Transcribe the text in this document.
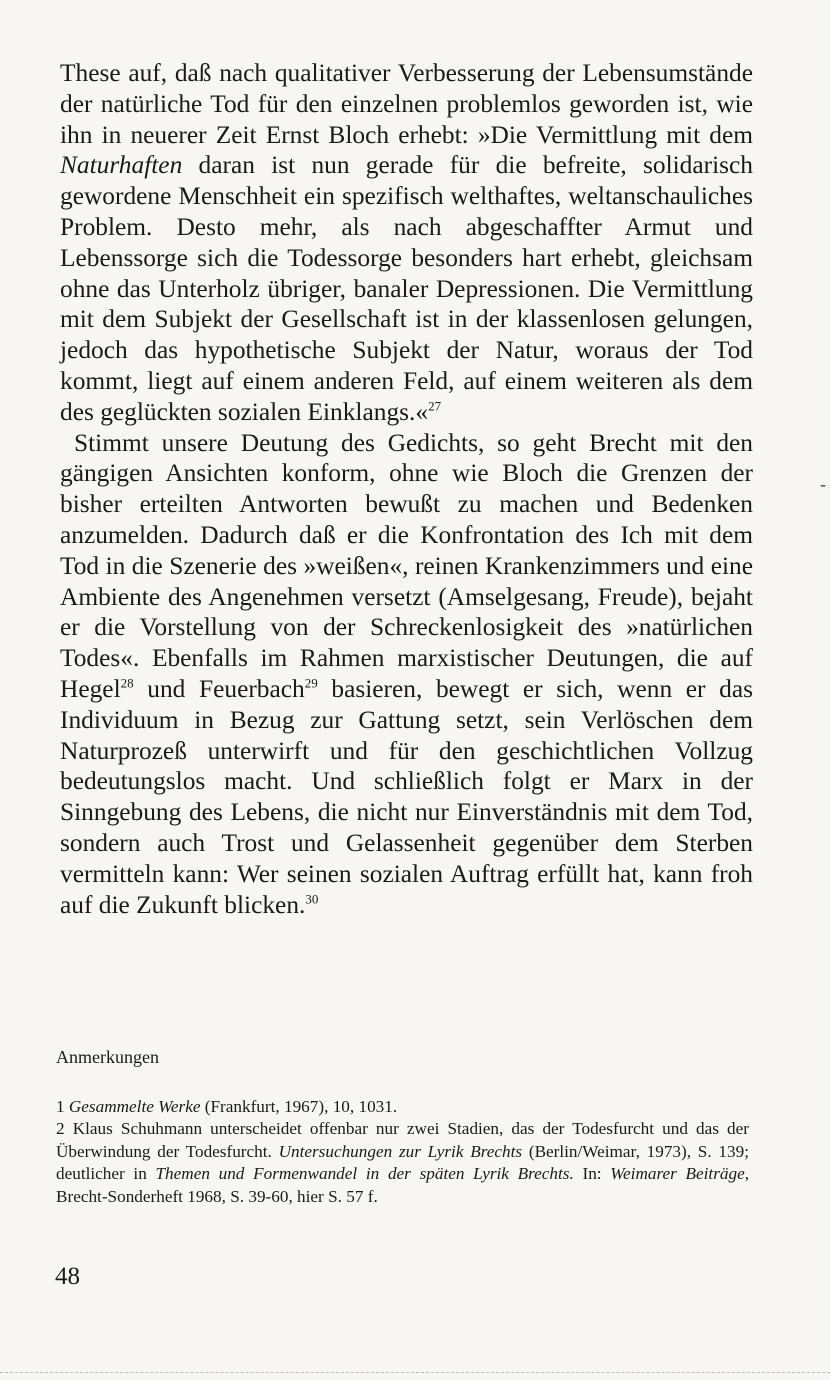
These auf, daß nach qualitativer Verbesserung der Lebensumstände der natürliche Tod für den einzelnen problemlos geworden ist, wie ihn in neuerer Zeit Ernst Bloch erhebt: »Die Vermittlung mit dem Naturhaften daran ist nun gerade für die befreite, solidarisch gewordene Menschheit ein spezifisch welthaftes, weltanschauliches Problem. Desto mehr, als nach abgeschaffter Armut und Lebenssorge sich die Todessorge besonders hart erhebt, gleichsam ohne das Unterholz übriger, banaler Depressionen. Die Vermittlung mit dem Subjekt der Gesellschaft ist in der klassenlosen gelungen, jedoch das hypothetische Subjekt der Natur, woraus der Tod kommt, liegt auf einem anderen Feld, auf einem weiteren als dem des geglückten sozialen Einklangs.«$^{27}$

Stimmt unsere Deutung des Gedichts, so geht Brecht mit den gängigen Ansichten konform, ohne wie Bloch die Grenzen der bisher erteilten Antworten bewußt zu machen und Bedenken anzumelden. Dadurch daß er die Konfrontation des Ich mit dem Tod in die Szenerie des »weißen«, reinen Krankenzimmers und eine Ambiente des Angenehmen versetzt (Amselgesang, Freude), bejaht er die Vorstellung von der Schreckenlosigkeit des »natürlichen Todes«. Ebenfalls im Rahmen marxistischer Deutungen, die auf Hegel$^{28}$ und Feuerbach$^{29}$ basieren, bewegt er sich, wenn er das Individuum in Bezug zur Gattung setzt, sein Verlöschen dem Naturprozeß unterwirft und für den geschichtlichen Vollzug bedeutungslos macht. Und schließlich folgt er Marx in der Sinngebung des Lebens, die nicht nur Einverständnis mit dem Tod, sondern auch Trost und Gelassenheit gegenüber dem Sterben vermitteln kann: Wer seinen sozialen Auftrag erfüllt hat, kann froh auf die Zukunft blicken.$^{30}$

Anmerkungen

1 Gesammelte Werke (Frankfurt, 1967), 10, 1031.

2 Klaus Schuhmann unterscheidet offenbar nur zwei Stadien, das der Todesfurcht und das der Überwindung der Todesfurcht. Untersuchungen zur Lyrik Brechts (Berlin/Weimar, 1973), S. 139; deutlicher in Themen und Formenwandel in der späten Lyrik Brechts. In: Weimarer Beiträge, Brecht-Sonderheft 1968, S. 39-60, hier S. 57 f.

48
-
